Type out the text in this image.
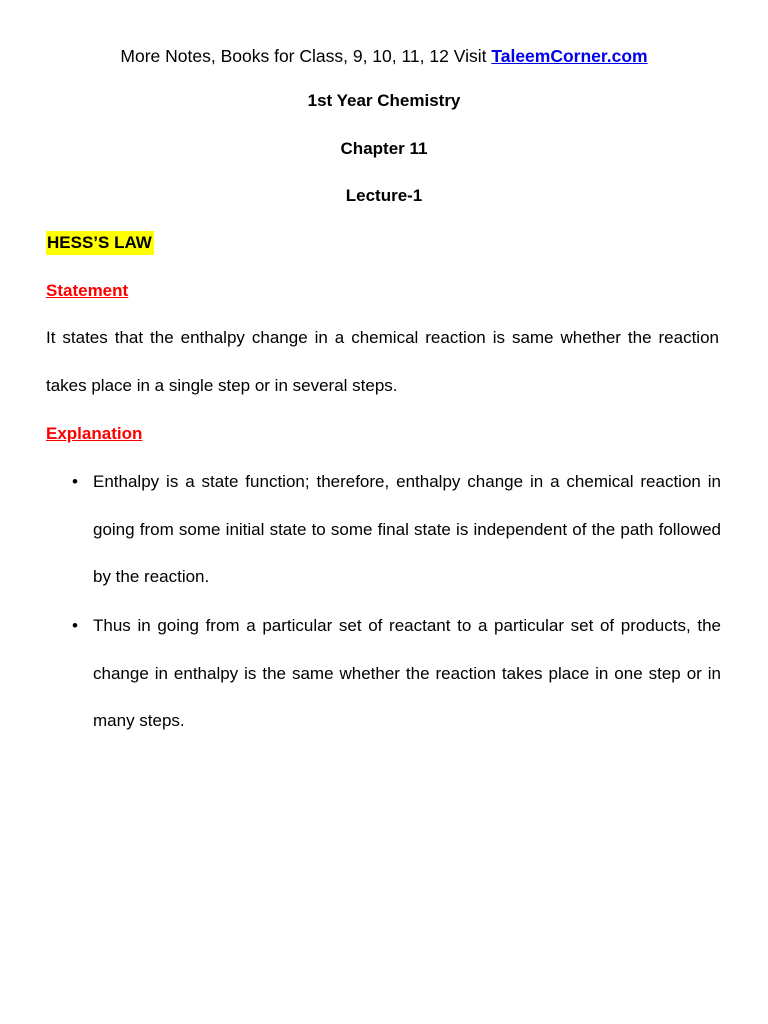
More Notes, Books for Class, 9, 10, 11, 12 Visit TaleemCorner.com
1st Year Chemistry
Chapter 11
Lecture-1
HESS’S LAW
Statement
It states that the enthalpy change in a chemical reaction is same whether the reaction takes place in a single step or in several steps.
Explanation
• Enthalpy is a state function; therefore, enthalpy change in a chemical reaction in going from some initial state to some final state is independent of the path followed by the reaction.
• Thus in going from a particular set of reactant to a particular set of products, the change in enthalpy is the same whether the reaction takes place in one step or in many steps.
